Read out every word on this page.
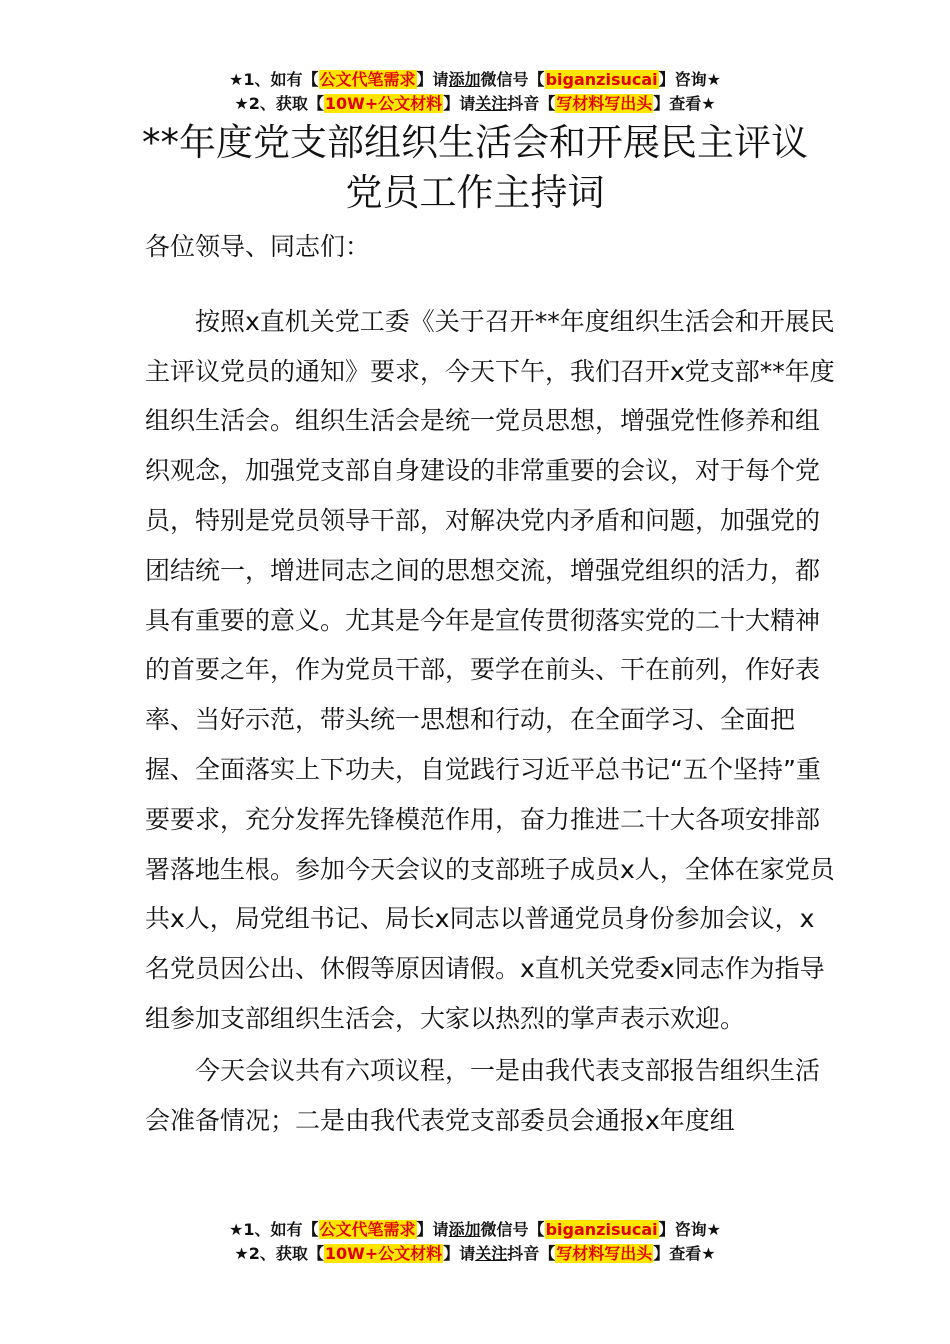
★1、如有【公文代笔需求】请添加微信号【biganzisucai】咨询★
★2、获取【10W+公文材料】请关注抖音【写材料写出头】查看★
**年度党支部组织生活会和开展民主评议
党员工作主持词

各位领导、同志们：

按照x直机关党工委《关于召开**年度组织生活会和开展民主评议党员的通知》要求，今天下午，我们召开x党支部**年度组织生活会。组织生活会是统一党员思想，增强党性修养和组织观念，加强党支部自身建设的非常重要的会议，对于每个党员，特别是党员领导干部，对解决党内矛盾和问题，加强党的团结统一，增进同志之间的思想交流，增强党组织的活力，都具有重要的意义。尤其是今年是宣传贯彻落实党的二十大精神的首要之年，作为党员干部，要学在前头、干在前列，作好表率、当好示范，带头统一思想和行动，在全面学习、全面把握、全面落实上下功夫，自觉践行习近平总书记“五个坚持”重要要求，充分发挥先锋模范作用，奋力推进二十大各项安排部署落地生根。参加今天会议的支部班子成员x人，全体在家党员共x人，局党组书记、局长x同志以普通党员身份参加会议，x名党员因公出、休假等原因请假。x直机关党委x同志作为指导组参加支部组织生活会，大家以热烈的掌声表示欢迎。

今天会议共有六项议程，一是由我代表支部报告组织生活会准备情况；二是由我代表党支部委员会通报x年度组

★1、如有【公文代笔需求】请添加微信号【biganzisucai】咨询★
★2、获取【10W+公文材料】请关注抖音【写材料写出头】查看★
